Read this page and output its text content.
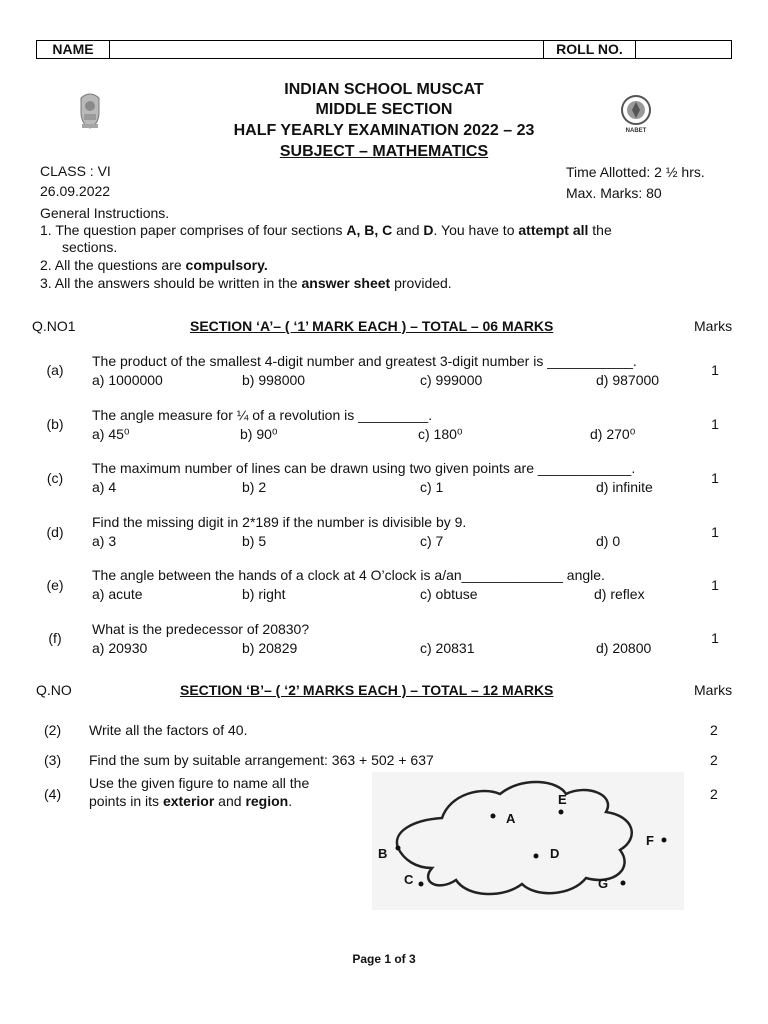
NAME	ROLL NO.
NABET
INDIAN SCHOOL MUSCAT
MIDDLE SECTION
HALF YEARLY EXAMINATION 2022 – 23
SUBJECT – MATHEMATICS
CLASS : VI
26.09.2022
Time Allotted: 2 ½ hrs.
Max. Marks: 80
General Instructions.
1. The question paper comprises of four sections A, B, C and D. You have to attempt all the
sections.
2. All the questions are compulsory.
3. All the answers should be written in the answer sheet provided.
Q.NO1	SECTION ‘A’– ( ‘1’ MARK EACH ) – TOTAL – 06 MARKS	Marks
(a)
The product of the smallest 4-digit number and greatest 3-digit number is ___________.
a) 1000000	b) 998000	c) 999000	d) 987000
1
(b)
The angle measure for ¼ of a revolution is _________.
a) 45⁰	b) 90⁰	c) 180⁰	d) 270⁰
1
(c)
The maximum number of lines can be drawn using two given points are ____________.
a) 4	b) 2	c) 1	d) infinite
1
(d)
Find the missing digit in 2*189 if the number is divisible by 9.
a) 3	b) 5	c) 7	d) 0
1
(e)
The angle between the hands of a clock at 4 O’clock is a/an_____________ angle.
a) acute	b) right	c) obtuse	d) reflex
1
(f)
What is the predecessor of 20830?
a) 20930	b) 20829	c) 20831	d) 20800
1
Q.NO	SECTION ‘B’– ( ‘2’ MARKS EACH ) – TOTAL – 12 MARKS	Marks
(2) Write all the factors of 40.	2
(3) Find the sum by suitable arrangement: 363 + 502 + 637	2
(4)
Use the given figure to name all the
points in its exterior and region.	2
A
B
C
D
E
F
G
Page 1 of 3
